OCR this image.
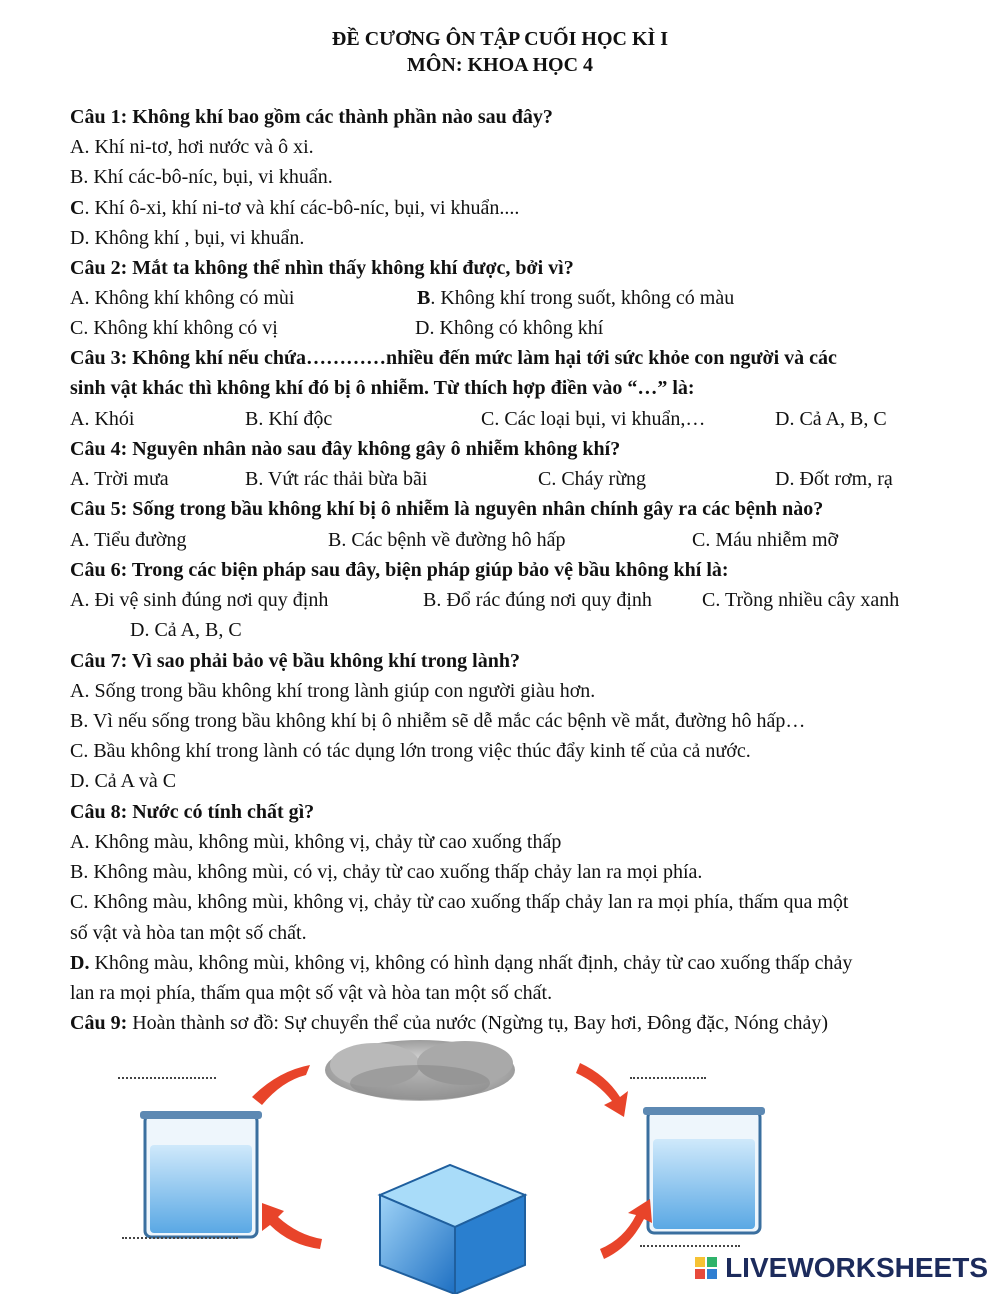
ĐỀ CƯƠNG ÔN TẬP CUỐI HỌC KÌ I
MÔN: KHOA HỌC 4
Câu 1: Không khí bao gồm các thành phần nào sau đây?
A. Khí ni-tơ, hơi nước và ô xi.
B. Khí các-bô-níc, bụi, vi khuẩn.
C. Khí ô-xi, khí ni-tơ và khí các-bô-níc, bụi, vi khuẩn....
D. Không khí , bụi, vi khuẩn.
Câu 2: Mắt ta không thể nhìn thấy không khí được, bởi vì?
A. Không khí không có mùi	B. Không khí trong suốt, không có màu
C. Không khí không có vị	D. Không có không khí
Câu 3: Không khí nếu chứa…………nhiều đến mức làm hại tới sức khỏe con người và các
sinh vật khác thì không khí đó bị ô nhiễm. Từ thích hợp điền vào “…” là:
A. Khói	B. Khí độc	C. Các loại bụi, vi khuẩn,…	D. Cả A, B, C
Câu 4: Nguyên nhân nào sau đây không gây ô nhiễm không khí?
A. Trời mưa	B. Vứt rác thải bừa bãi	C. Cháy rừng	D. Đốt rơm, rạ
Câu 5: Sống trong bầu không khí bị ô nhiễm là nguyên nhân chính gây ra các bệnh nào?
A. Tiểu đường	B. Các bệnh về đường hô hấp	C. Máu nhiễm mỡ
Câu 6: Trong các biện pháp sau đây, biện pháp giúp bảo vệ bầu không khí là:
A. Đi vệ sinh đúng nơi quy định	B. Đổ rác đúng nơi quy định	C. Trồng nhiều cây xanh
D. Cả A, B, C
Câu 7: Vì sao phải bảo vệ bầu không khí trong lành?
A. Sống trong bầu không khí trong lành giúp con người giàu hơn.
B. Vì nếu sống trong bầu không khí bị ô nhiễm sẽ dễ mắc các bệnh về mắt, đường hô hấp…
C. Bầu không khí trong lành có tác dụng lớn trong việc thúc đẩy kinh tế của cả nước.
D. Cả A và C
Câu 8: Nước có tính chất gì?
A. Không màu, không mùi, không vị, chảy từ cao xuống thấp
B. Không màu, không mùi, có vị, chảy từ cao xuống thấp chảy lan ra mọi phía.
C. Không màu, không mùi, không vị, chảy từ cao xuống thấp chảy lan ra mọi phía, thấm qua một
số vật và hòa tan một số chất.
D. Không màu, không mùi, không vị, không có hình dạng nhất định, chảy từ cao xuống thấp chảy
lan ra mọi phía, thấm qua một số vật và hòa tan một số chất.
Câu 9: Hoàn thành sơ đồ: Sự chuyển thể của nước (Ngừng tụ, Bay hơi, Đông đặc, Nóng chảy)
LIVEWORKSHEETS
